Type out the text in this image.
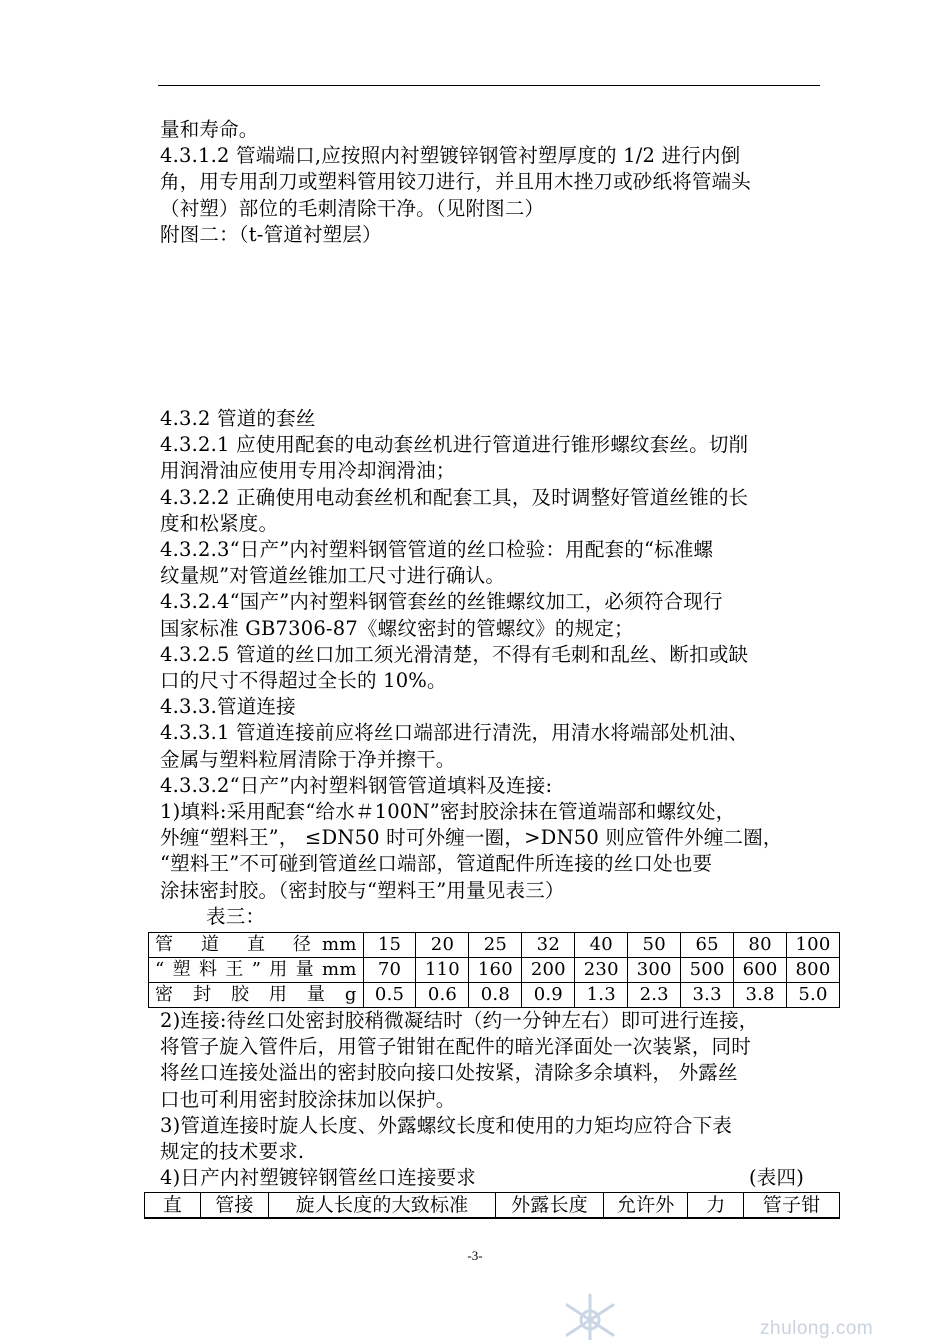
量和寿命。

4.3.1.2 管端端口,应按照内衬塑镀锌钢管衬塑厚度的 1/2 进行内倒

角，用专用刮刀或塑料管用铰刀进行，并且用木挫刀或砂纸将管端头

（衬塑）部位的毛刺清除干净。（见附图二）

附图二：（t-管道衬塑层）

4.3.2 管道的套丝

4.3.2.1 应使用配套的电动套丝机进行管道进行锥形螺纹套丝。切削

用润滑油应使用专用冷却润滑油；

4.3.2.2 正确使用电动套丝机和配套工具，及时调整好管道丝锥的长

度和松紧度。

4.3.2.3“日产”内衬塑料钢管管道的丝口检验：用配套的“标准螺

纹量规”对管道丝锥加工尺寸进行确认。

4.3.2.4“国产”内衬塑料钢管套丝的丝锥螺纹加工，必须符合现行

国家标准 GB7306-87《螺纹密封的管螺纹》的规定；

4.3.2.5 管道的丝口加工须光滑清楚，不得有毛刺和乱丝、断扣或缺

口的尺寸不得超过全长的 10%。

4.3.3.管道连接

4.3.3.1 管道连接前应将丝口端部进行清洗，用清水将端部处机油、

金属与塑料粒屑清除于净并擦干。

4.3.3.2“日产”内衬塑料钢管管道填料及连接:

1)填料:采用配套“给水＃100N”密封胶涂抹在管道端部和螺纹处，

外缠“塑料王”， ≤DN50 时可外缠一圈，>DN50 则应管件外缠二圈，

“塑料王”不可碰到管道丝口端部，管道配件所连接的丝口处也要

涂抹密封胶。（密封胶与“塑料王”用量见表三）

表三：

管 道 直 径mm	15	20	25	32	40	50	65	80	100
“塑料王”用量mm	70	110	160	200	230	300	500	600	800
密 封 胶 用 量 g	0.5	0.6	0.8	0.9	1.3	2.3	3.3	3.8	5.0

2)连接:待丝口处密封胶稍微凝结时（约一分钟左右）即可进行连接，

将管子旋入管件后，用管子钳钳在配件的暗光泽面处一次装紧，同时

将丝口连接处溢出的密封胶向接口处按紧，清除多余填料， 外露丝

口也可利用密封胶涂抹加以保护。

3)管道连接时旋人长度、外露螺纹长度和使用的力矩均应符合下表

规定的技术要求.

4)日产内衬塑镀锌钢管丝口连接要求	(表四)
直	管接	旋人长度的大致标准	外露长度	允许外	力	管子钳
-3-
zhulong.com
